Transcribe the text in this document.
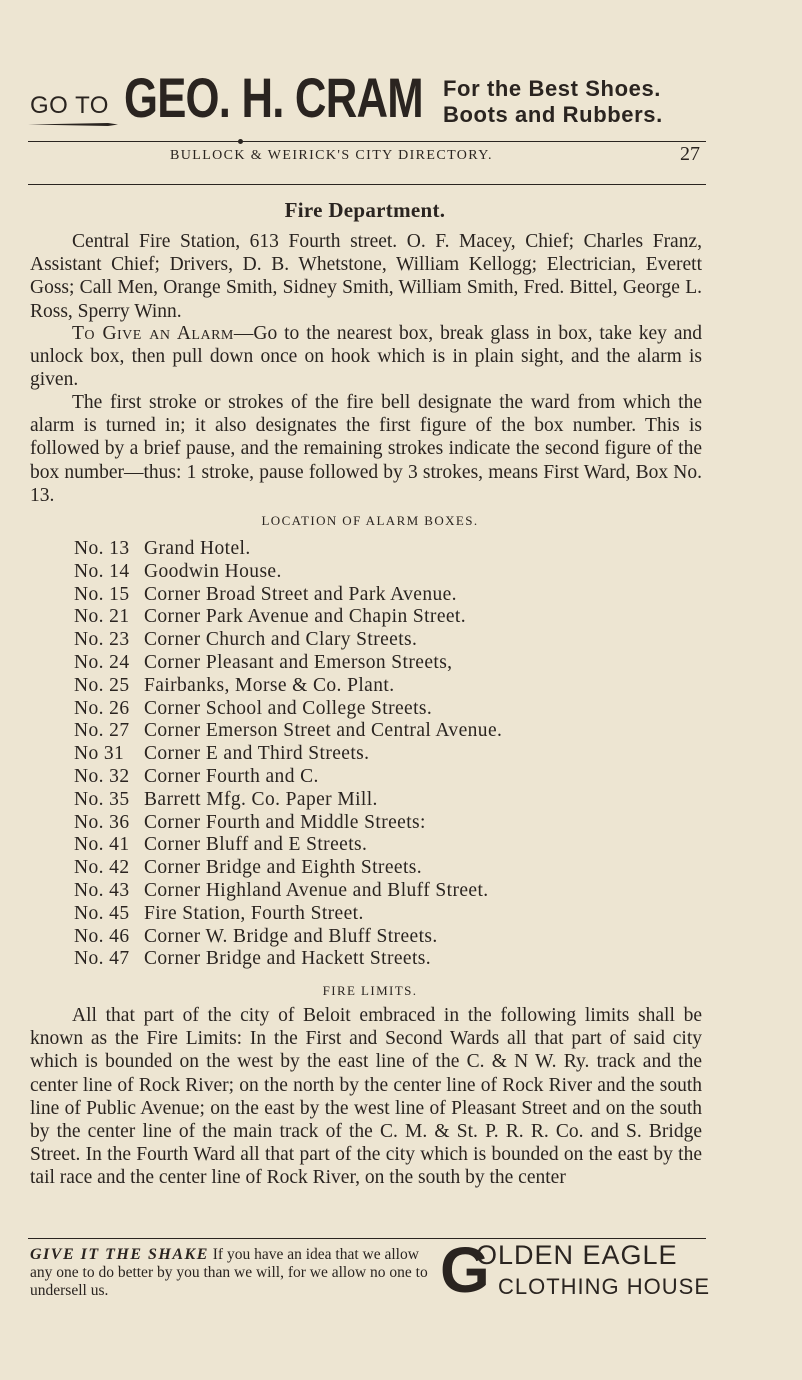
GO TO GEO. H. CRAM For the Best Shoes.
Boots and Rubbers.
BULLOCK & WEIRICK'S CITY DIRECTORY.	27
Fire Department.

Central Fire Station, 613 Fourth street. O. F. Macey, Chief; Charles Franz, Assistant Chief; Drivers, D. B. Whetstone, William Kellogg; Electrician, Everett Goss; Call Men, Orange Smith, Sidney Smith, William Smith, Fred. Bittel, George L. Ross, Sperry Winn.

To Give an Alarm—Go to the nearest box, break glass in box, take key and unlock box, then pull down once on hook which is in plain sight, and the alarm is given.

The first stroke or strokes of the fire bell designate the ward from which the alarm is turned in; it also designates the first figure of the box number. This is followed by a brief pause, and the remaining strokes indicate the second figure of the box number—thus: 1 stroke, pause followed by 3 strokes, means First Ward, Box No. 13.

LOCATION OF ALARM BOXES.
No. 13 Grand Hotel.
No. 14 Goodwin House.
No. 15 Corner Broad Street and Park Avenue.
No. 21 Corner Park Avenue and Chapin Street.
No. 23 Corner Church and Clary Streets.
No. 24 Corner Pleasant and Emerson Streets,
No. 25 Fairbanks, Morse & Co. Plant.
No. 26 Corner School and College Streets.
No. 27 Corner Emerson Street and Central Avenue.
No 31 Corner E and Third Streets.
No. 32 Corner Fourth and C.
No. 35 Barrett Mfg. Co. Paper Mill.
No. 36 Corner Fourth and Middle Streets:
No. 41 Corner Bluff and E Streets.
No. 42 Corner Bridge and Eighth Streets.
No. 43 Corner Highland Avenue and Bluff Street.
No. 45 Fire Station, Fourth Street.
No. 46 Corner W. Bridge and Bluff Streets.
No. 47 Corner Bridge and Hackett Streets.
FIRE LIMITS.

All that part of the city of Beloit embraced in the following limits shall be known as the Fire Limits: In the First and Second Wards all that part of said city which is bounded on the west by the east line of the C. & N W. Ry. track and the center line of Rock River; on the north by the center line of Rock River and the south line of Public Avenue; on the east by the west line of Pleasant Street and on the south by the center line of the main track of the C. M. & St. P. R. R. Co. and S. Bridge Street. In the Fourth Ward all that part of the city which is bounded on the east by the tail race and the center line of Rock River, on the south by the center

GIVE IT THE SHAKE If you have an idea that we allow any one to do better by you than we will, for we allow no one to undersell us.	G
OLDEN EAGLE
CLOTHING HOUSE
